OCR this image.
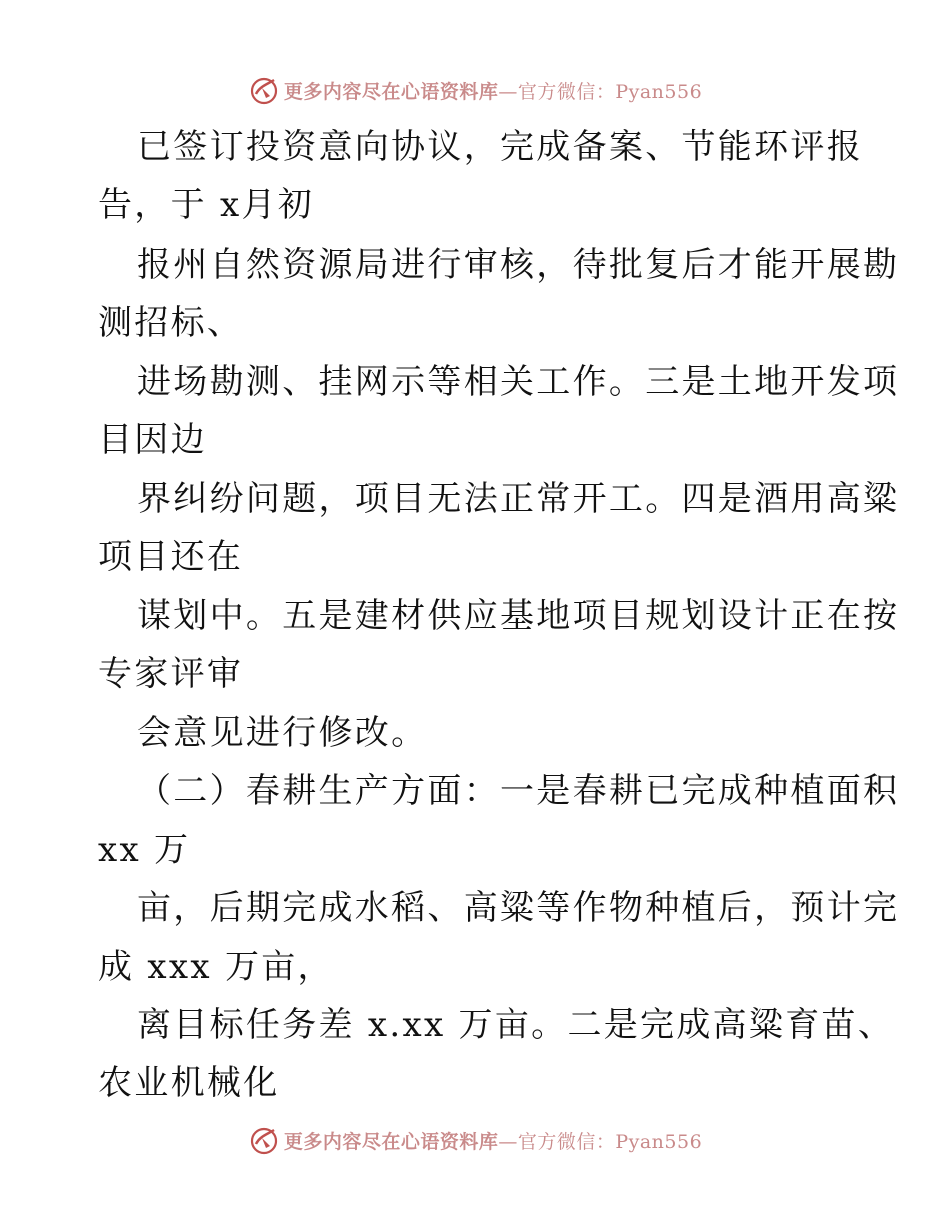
更多内容尽在心语资料库—官方微信：Pyan556
已签订投资意向协议，完成备案、节能环评报
告，于 x月初
报州自然资源局进行审核，待批复后才能开展勘
测招标、
进场勘测、挂网示等相关工作。三是土地开发项
目因边
界纠纷问题，项目无法正常开工。四是酒用高粱
项目还在
谋划中。五是建材供应基地项目规划设计正在按
专家评审
会意见进行修改。
（二）春耕生产方面：一是春耕已完成种植面积
xx 万
亩，后期完成水稻、高粱等作物种植后，预计完
成 xxx 万亩，
离目标任务差 x.xx 万亩。二是完成高粱育苗、
农业机械化
更多内容尽在心语资料库—官方微信：Pyan556
